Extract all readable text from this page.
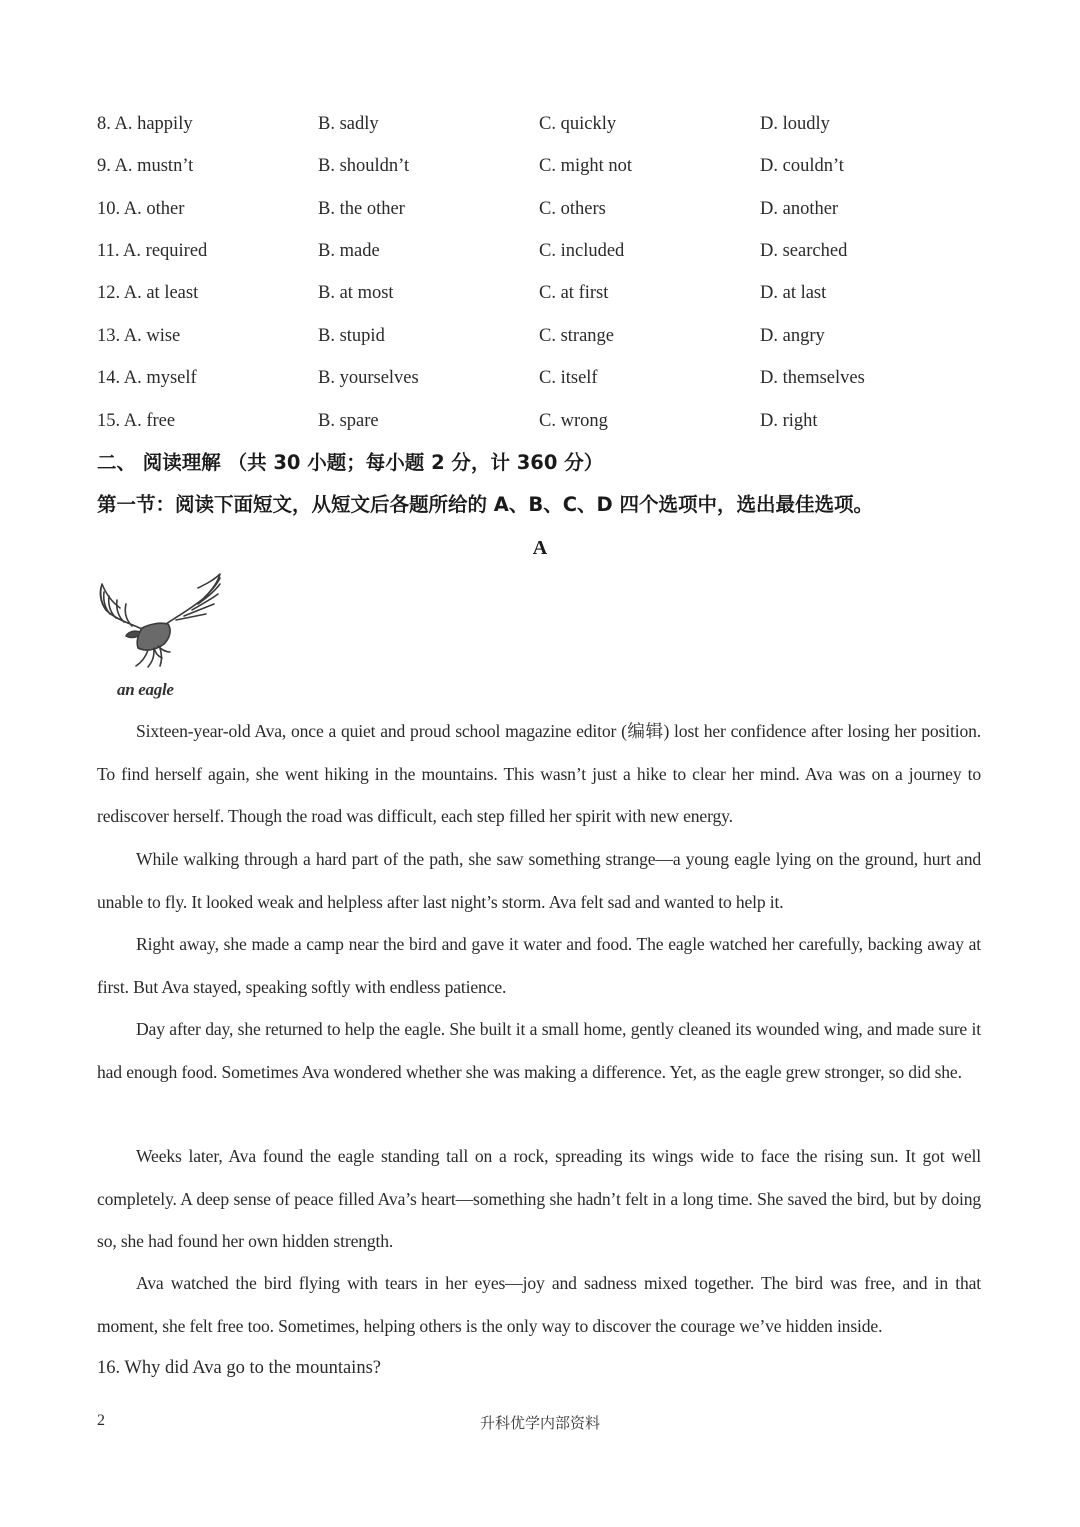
8. A. happily	B. sadly	C. quickly	D. loudly
9. A. mustn’t	B. shouldn’t	C. might not	D. couldn’t
10. A. other	B. the other	C. others	D. another
11. A. required	B. made	C. included	D. searched
12. A. at least	B. at most	C. at first	D. at last
13. A. wise	B. stupid	C. strange	D. angry
14. A. myself	B. yourselves	C. itself	D. themselves
15. A. free	B. spare	C. wrong	D. right
二、 阅读理解 （共 30 小题；每小题 2 分，计 360 分）
第一节：阅读下面短文，从短文后各题所给的 A、B、C、D 四个选项中，选出最佳选项。
A
an eagle

Sixteen-year-old Ava, once a quiet and proud school magazine editor (编辑) lost her confidence after losing her position. To find herself again, she went hiking in the mountains. This wasn’t just a hike to clear her mind. Ava was on a journey to rediscover herself. Though the road was difficult, each step filled her spirit with new energy.

While walking through a hard part of the path, she saw something strange—a young eagle lying on the ground, hurt and unable to fly. It looked weak and helpless after last night’s storm. Ava felt sad and wanted to help it.

Right away, she made a camp near the bird and gave it water and food. The eagle watched her carefully, backing away at first. But Ava stayed, speaking softly with endless patience.

Day after day, she returned to help the eagle. She built it a small home, gently cleaned its wounded wing, and made sure it had enough food. Sometimes Ava wondered whether she was making a difference. Yet, as the eagle grew stronger, so did she.

Weeks later, Ava found the eagle standing tall on a rock, spreading its wings wide to face the rising sun. It got well completely. A deep sense of peace filled Ava’s heart—something she hadn’t felt in a long time. She saved the bird, but by doing so, she had found her own hidden strength.

Ava watched the bird flying with tears in her eyes—joy and sadness mixed together. The bird was free, and in that moment, she felt free too. Sometimes, helping others is the only way to discover the courage we’ve hidden inside.

16. Why did Ava go to the mountains?
2	升科优学内部资料
